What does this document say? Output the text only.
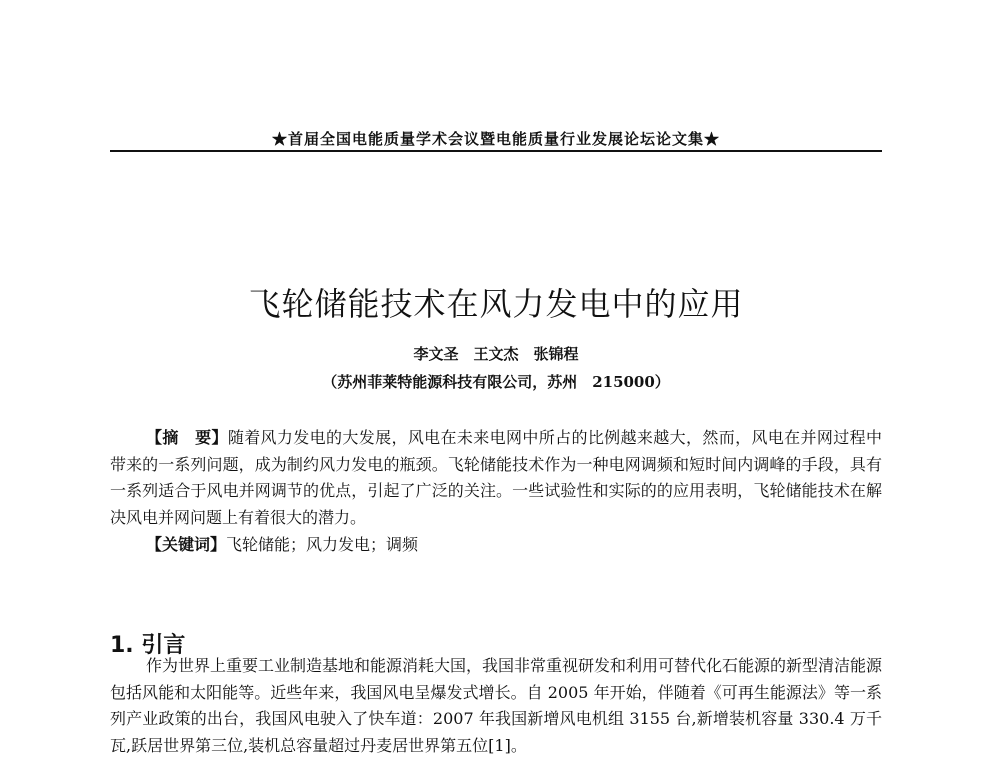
★首届全国电能质量学术会议暨电能质量行业发展论坛论文集★
飞轮储能技术在风力发电中的应用
李文圣　王文杰　张锦程
（苏州菲莱特能源科技有限公司，苏州　215000）

【摘　要】随着风力发电的大发展，风电在未来电网中所占的比例越来越大，然而，风电在并网过程中带来的一系列问题，成为制约风力发电的瓶颈。飞轮储能技术作为一种电网调频和短时间内调峰的手段，具有一系列适合于风电并网调节的优点，引起了广泛的关注。一些试验性和实际的的应用表明，飞轮储能技术在解决风电并网问题上有着很大的潜力。

【关键词】飞轮储能；风力发电；调频

1. 引言

作为世界上重要工业制造基地和能源消耗大国，我国非常重视研发和利用可替代化石能源的新型清洁能源包括风能和太阳能等。近些年来，我国风电呈爆发式增长。自 2005 年开始，伴随着《可再生能源法》等一系列产业政策的出台，我国风电驶入了快车道：2007 年我国新增风电机组 3155 台,新增装机容量 330.4 万千瓦,跃居世界第三位,装机总容量超过丹麦居世界第五位[1]。
